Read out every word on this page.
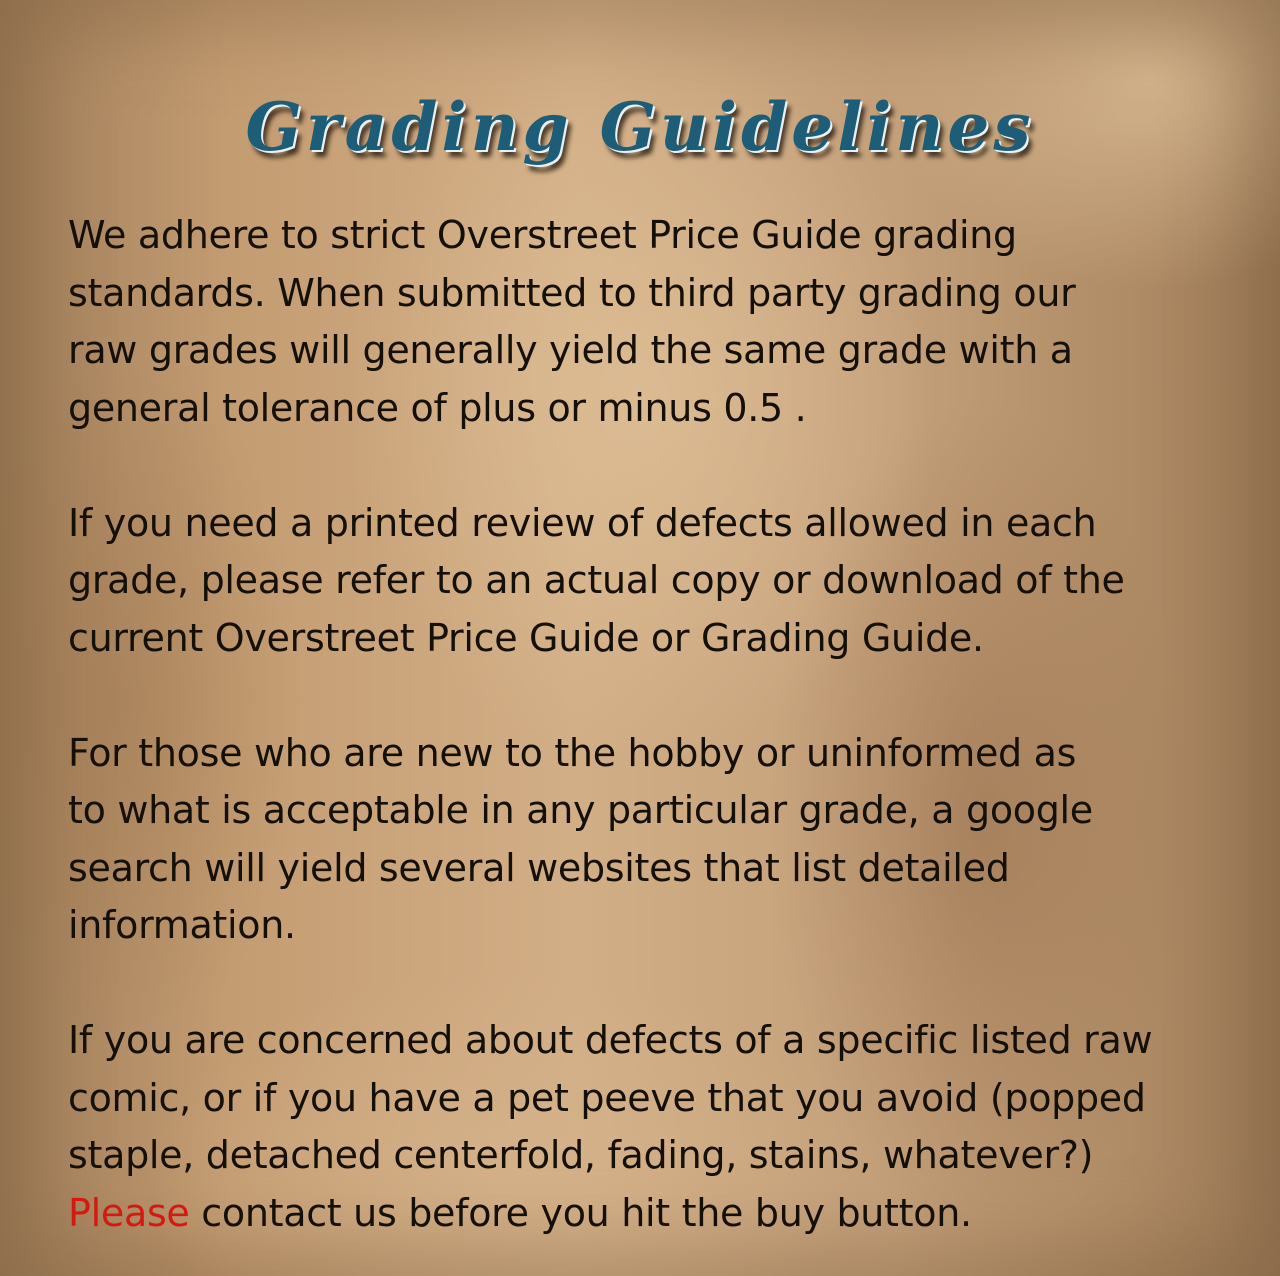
Grading Guidelines

We adhere to strict Overstreet Price Guide grading
standards. When submitted to third party grading our
raw grades will generally yield the same grade with a
general tolerance of plus or minus 0.5 .

If you need a printed review of defects allowed in each
grade, please refer to an actual copy or download of the
current Overstreet Price Guide or Grading Guide.

For those who are new to the hobby or uninformed as
to what is acceptable in any particular grade, a google
search will yield several websites that list detailed
information.

If you are concerned about defects of a specific listed raw
comic, or if you have a pet peeve that you avoid (popped
staple, detached centerfold, fading, stains, whatever?)
Please contact us before you hit the buy button.
